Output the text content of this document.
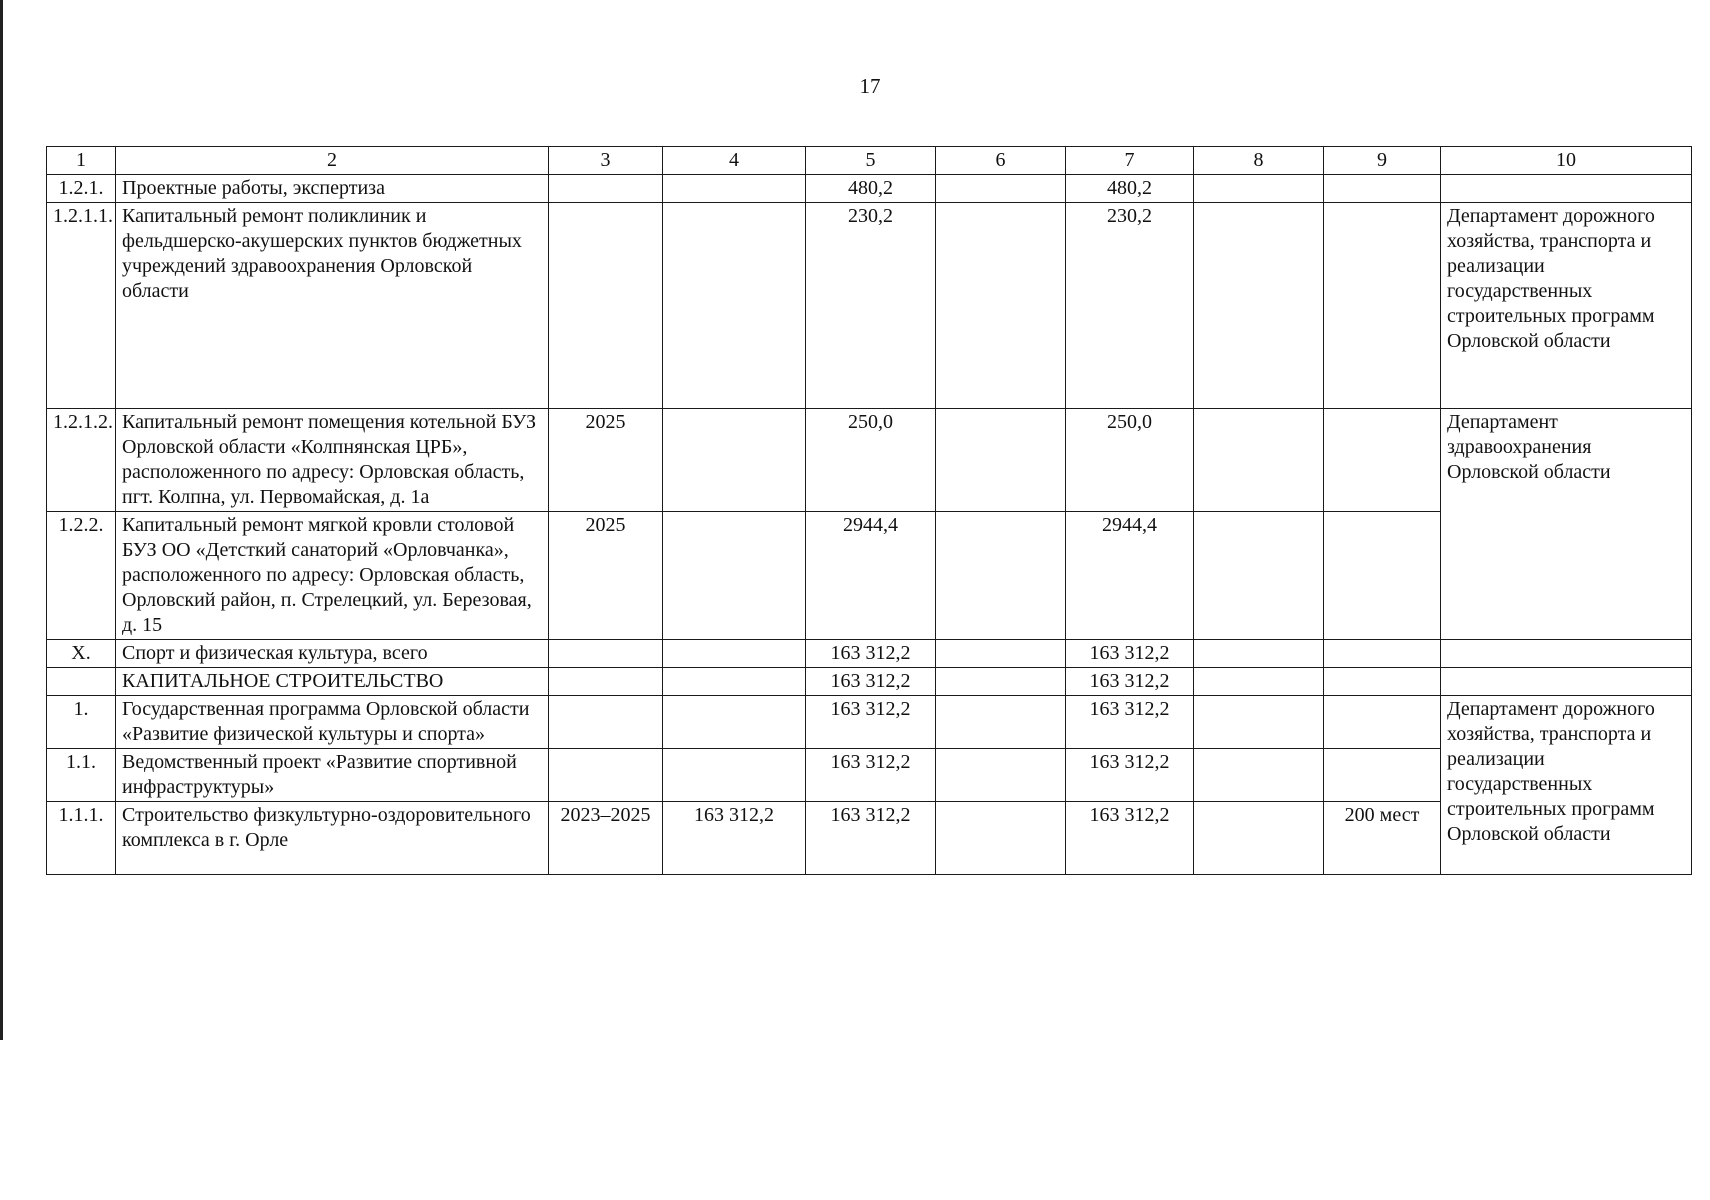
17
1	2	3	4	5	6	7	8	9	10
1.2.1.	Проектные работы, экспертиза			480,2		480,2			
1.2.1.1.	Капитальный ремонт поликлиник и фельдшерско-акушерских пунктов бюджетных учреждений здравоохранения Орловской области			230,2		230,2			Департамент дорожного хозяйства, транспорта и реализации государственных строительных программ Орловской области
1.2.1.2.	Капитальный ремонт помещения котельной БУЗ Орловской области «Колпнянская ЦРБ», расположенного по адресу: Орловская область, пгт. Колпна, ул. Первомайская, д. 1а	2025		250,0		250,0			Департамент здравоохранения Орловской области
1.2.2.	Капитальный ремонт мягкой кровли столовой БУЗ ОО «Детсткий санаторий «Орловчанка», расположенного по адресу: Орловская область, Орловский район, п. Стрелецкий, ул. Березовая, д. 15	2025		2944,4		2944,4			
X.	Спорт и физическая культура, всего			163 312,2		163 312,2			
	КАПИТАЛЬНОЕ СТРОИТЕЛЬСТВО			163 312,2		163 312,2			
1.	Государственная программа Орловской области «Развитие физической культуры и спорта»			163 312,2		163 312,2			Департамент дорожного хозяйства, транспорта и реализации государственных строительных программ Орловской области
1.1.	Ведомственный проект «Развитие спортивной инфраструктуры»			163 312,2		163 312,2			
1.1.1.	Строительство физкультурно-оздоровительного комплекса в г. Орле	2023–2025	163 312,2	163 312,2		163 312,2		200 мест	
